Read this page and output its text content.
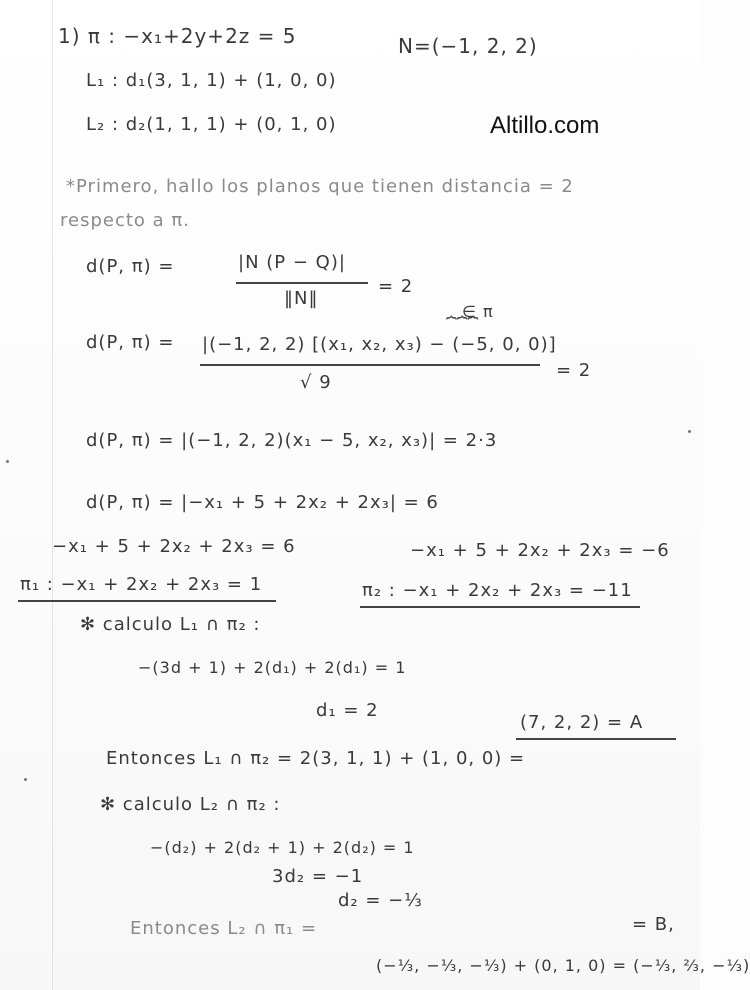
Altillo.com
1) π : −x₁+2y+2z = 5	N=(−1, 2, 2)
L₁ : d₁(3, 1, 1) + (1, 0, 0)
L₂ : d₂(1, 1, 1) + (0, 1, 0)
*Primero, hallo los planos que tienen distancia = 2
respecto a π.
d(P, π) =	|N (P − Q)|
‖N‖
= 2
∈ π
⏞⏞⏞
d(P, π) = |(−1, 2, 2) [(x₁, x₂, x₃) − (−5, 0, 0)]
√ 9
= 2
d(P, π) = |(−1, 2, 2)(x₁ − 5, x₂, x₃)| = 2·3
d(P, π) = |−x₁ + 5 + 2x₂ + 2x₃| = 6
−x₁ + 5 + 2x₂ + 2x₃ = 6	−x₁ + 5 + 2x₂ + 2x₃ = −6
π₁ : −x₁ + 2x₂ + 2x₃ = 1	π₂ : −x₁ + 2x₂ + 2x₃ = −11
✻ calculo L₁ ∩ π₂ :
−(3d + 1) + 2(d₁) + 2(d₁) = 1
d₁ = 2
Entonces L₁ ∩ π₂ = 2(3, 1, 1) + (1, 0, 0) =
(7, 2, 2) = A
✻ calculo L₂ ∩ π₂ :
−(d₂) + 2(d₂ + 1) + 2(d₂) = 1
3d₂ = −1
d₂ = −⅓
Entonces L₂ ∩ π₁ =	= B,
(−⅓, −⅓, −⅓) + (0, 1, 0) = (−⅓, ⅔, −⅓)
